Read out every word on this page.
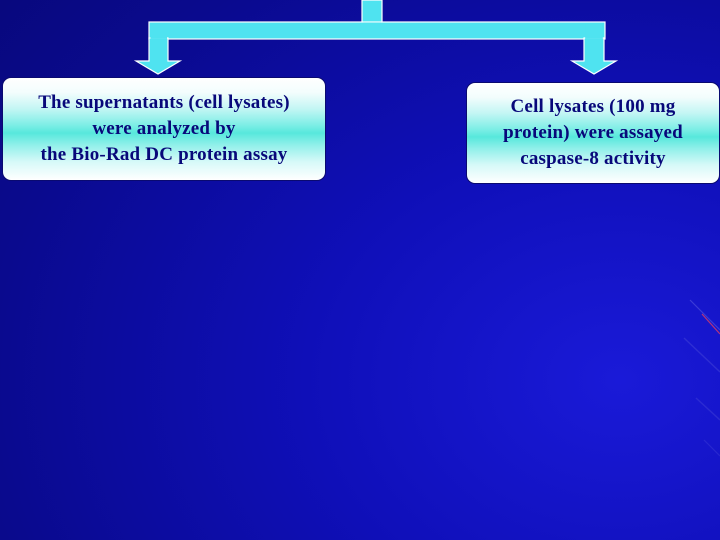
The supernatants (cell lysates)
were analyzed by
the Bio-Rad DC protein assay
Cell lysates (100 mg
protein) were assayed
caspase-8 activity
